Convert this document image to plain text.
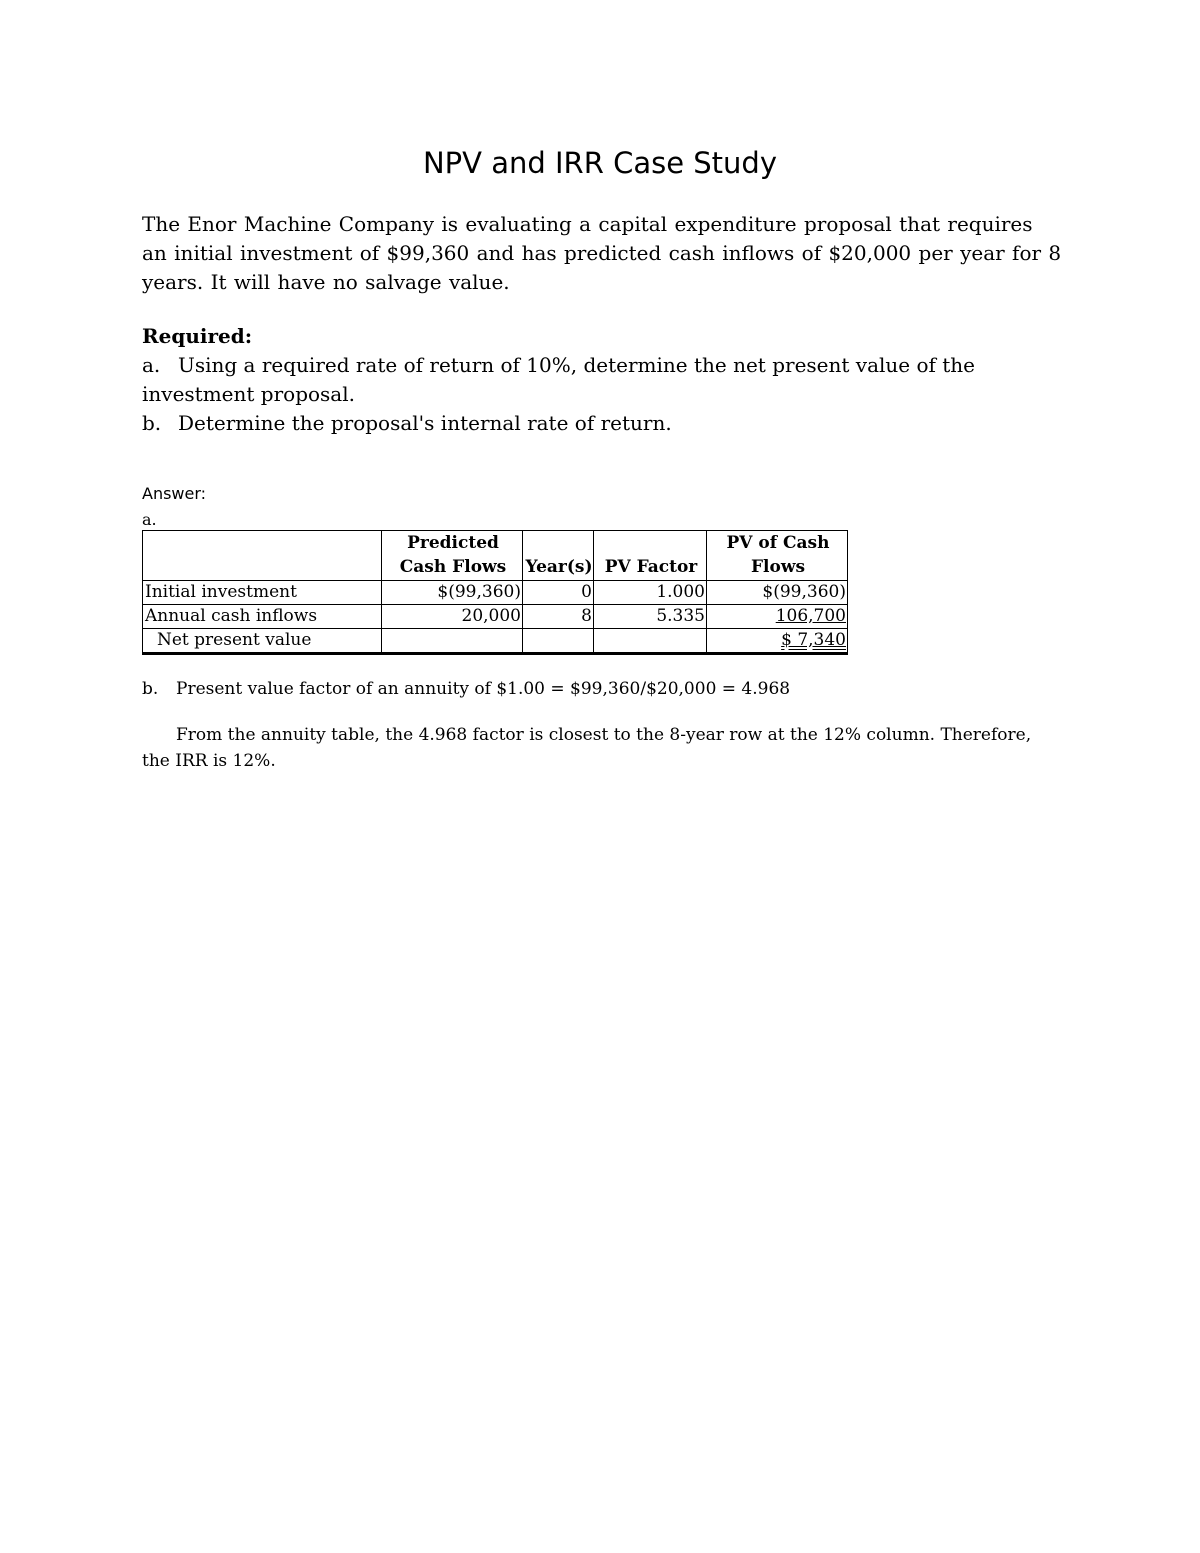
NPV and IRR Case Study
The Enor Machine Company is evaluating a capital expenditure proposal that requires an initial investment of $99,360 and has predicted cash inflows of $20,000 per year for 8 years. It will have no salvage value.
Required:
a. Using a required rate of return of 10%, determine the net present value of the investment proposal.
b. Determine the proposal's internal rate of return.
Answer:
a.
	Predicted Cash Flows	Year(s)	PV Factor	PV of Cash Flows
Initial investment	$(99,360)	0	1.000	$(99,360)
Annual cash inflows	20,000	8	5.335	106,700
Net present value				$ 7,340
b. Present value factor of an annuity of $1.00 = $99,360/$20,000 = 4.968
From the annuity table, the 4.968 factor is closest to the 8-year row at the 12% column. Therefore, the IRR is 12%.
